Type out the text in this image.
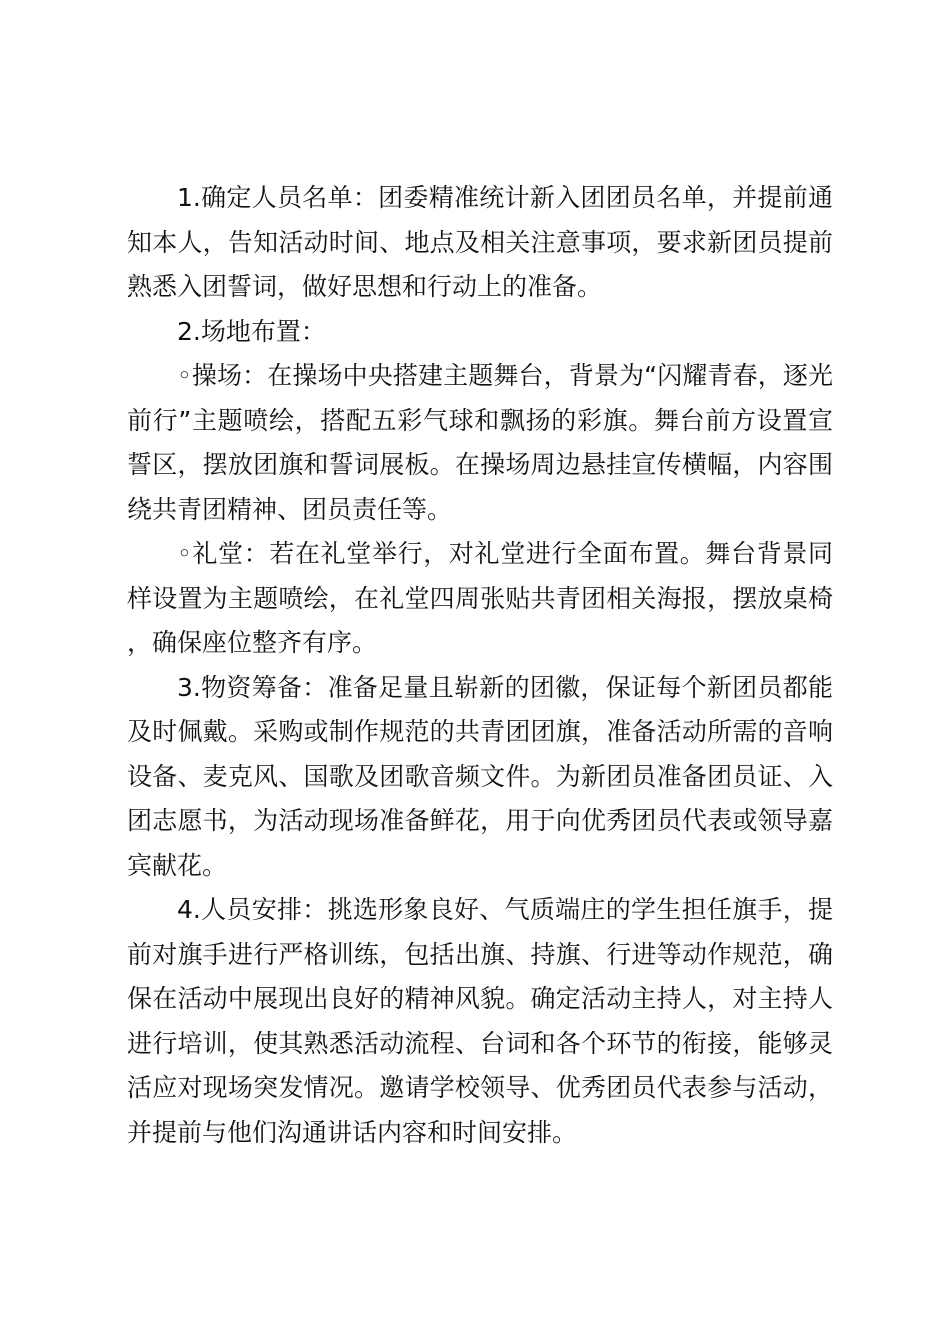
1.确定人员名单：团委精准统计新入团团员名单，并提前通知本人，告知活动时间、地点及相关注意事项，要求新团员提前熟悉入团誓词，做好思想和行动上的准备。

2.场地布置：

◦操场：在操场中央搭建主题舞台，背景为“闪耀青春，逐光前行”主题喷绘，搭配五彩气球和飘扬的彩旗。舞台前方设置宣誓区，摆放团旗和誓词展板。在操场周边悬挂宣传横幅，内容围绕共青团精神、团员责任等。

◦礼堂：若在礼堂举行，对礼堂进行全面布置。舞台背景同样设置为主题喷绘，在礼堂四周张贴共青团相关海报，摆放桌椅，确保座位整齐有序。

3.物资筹备：准备足量且崭新的团徽，保证每个新团员都能及时佩戴。采购或制作规范的共青团团旗，准备活动所需的音响设备、麦克风、国歌及团歌音频文件。为新团员准备团员证、入团志愿书，为活动现场准备鲜花，用于向优秀团员代表或领导嘉宾献花。

4.人员安排：挑选形象良好、气质端庄的学生担任旗手，提前对旗手进行严格训练，包括出旗、持旗、行进等动作规范，确保在活动中展现出良好的精神风貌。确定活动主持人，对主持人进行培训，使其熟悉活动流程、台词和各个环节的衔接，能够灵活应对现场突发情况。邀请学校领导、优秀团员代表参与活动，并提前与他们沟通讲话内容和时间安排。
